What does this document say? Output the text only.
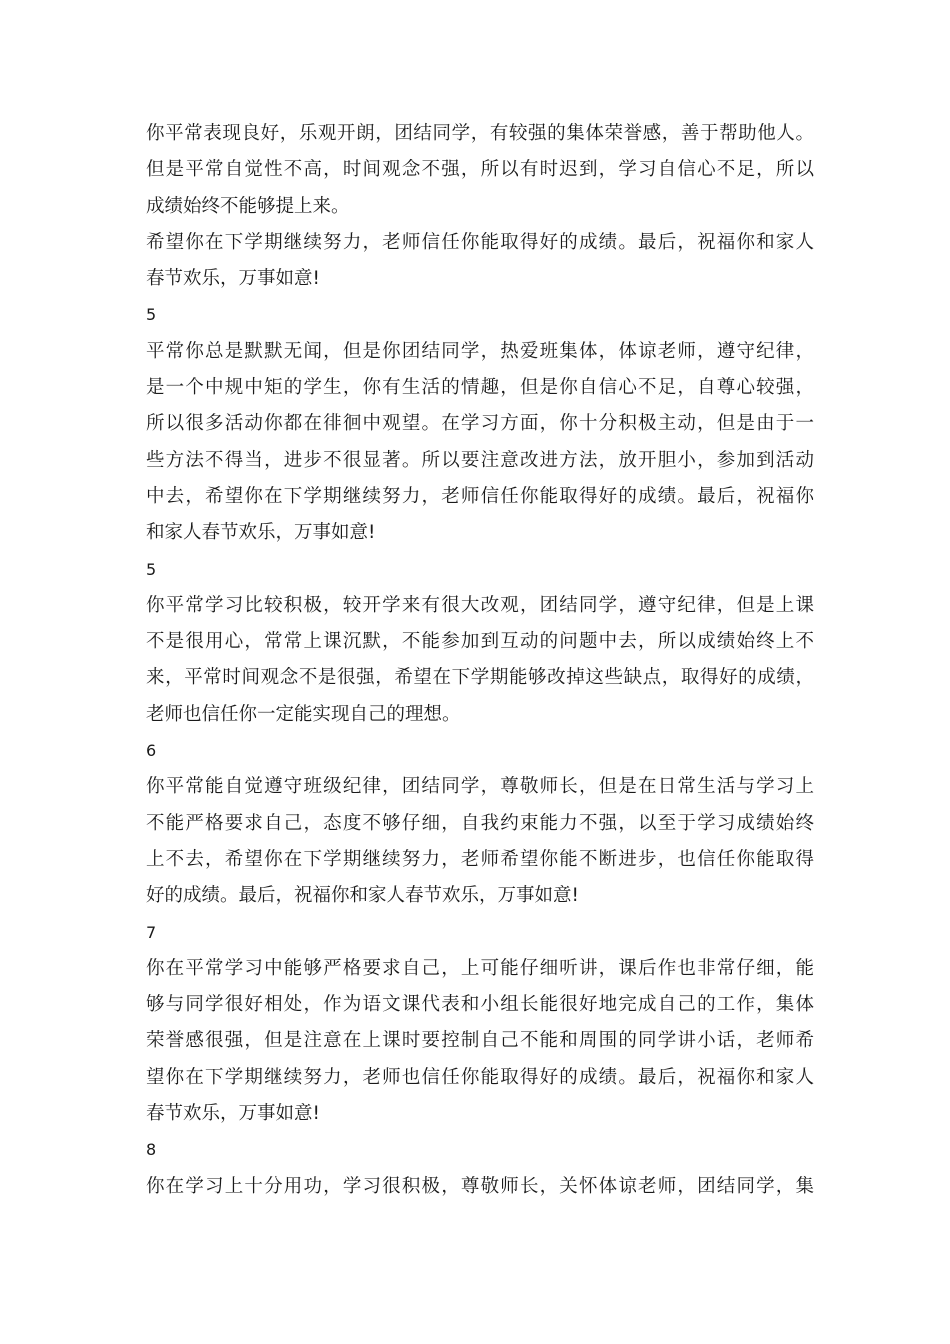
你平常表现良好，乐观开朗，团结同学，有较强的集体荣誉感，善于帮助他人。
但是平常自觉性不高，时间观念不强，所以有时迟到，学习自信心不足，所以
成绩始终不能够提上来。
希望你在下学期继续努力，老师信任你能取得好的成绩。最后，祝福你和家人
春节欢乐，万事如意!
5
平常你总是默默无闻，但是你团结同学，热爱班集体，体谅老师，遵守纪律，
是一个中规中矩的学生，你有生活的情趣，但是你自信心不足，自尊心较强，
所以很多活动你都在徘徊中观望。在学习方面，你十分积极主动，但是由于一
些方法不得当，进步不很显著。所以要注意改进方法，放开胆小，参加到活动
中去，希望你在下学期继续努力，老师信任你能取得好的成绩。最后，祝福你
和家人春节欢乐，万事如意!
5
你平常学习比较积极，较开学来有很大改观，团结同学，遵守纪律，但是上课
不是很用心，常常上课沉默，不能参加到互动的问题中去，所以成绩始终上不
来，平常时间观念不是很强，希望在下学期能够改掉这些缺点，取得好的成绩，
老师也信任你一定能实现自己的理想。
6
你平常能自觉遵守班级纪律，团结同学，尊敬师长，但是在日常生活与学习上
不能严格要求自己，态度不够仔细，自我约束能力不强，以至于学习成绩始终
上不去，希望你在下学期继续努力，老师希望你能不断进步，也信任你能取得
好的成绩。最后，祝福你和家人春节欢乐，万事如意!
7
你在平常学习中能够严格要求自己，上可能仔细听讲，课后作也非常仔细，能
够与同学很好相处，作为语文课代表和小组长能很好地完成自己的工作，集体
荣誉感很强，但是注意在上课时要控制自己不能和周围的同学讲小话，老师希
望你在下学期继续努力，老师也信任你能取得好的成绩。最后，祝福你和家人
春节欢乐，万事如意!
8
你在学习上十分用功，学习很积极，尊敬师长，关怀体谅老师，团结同学，集
